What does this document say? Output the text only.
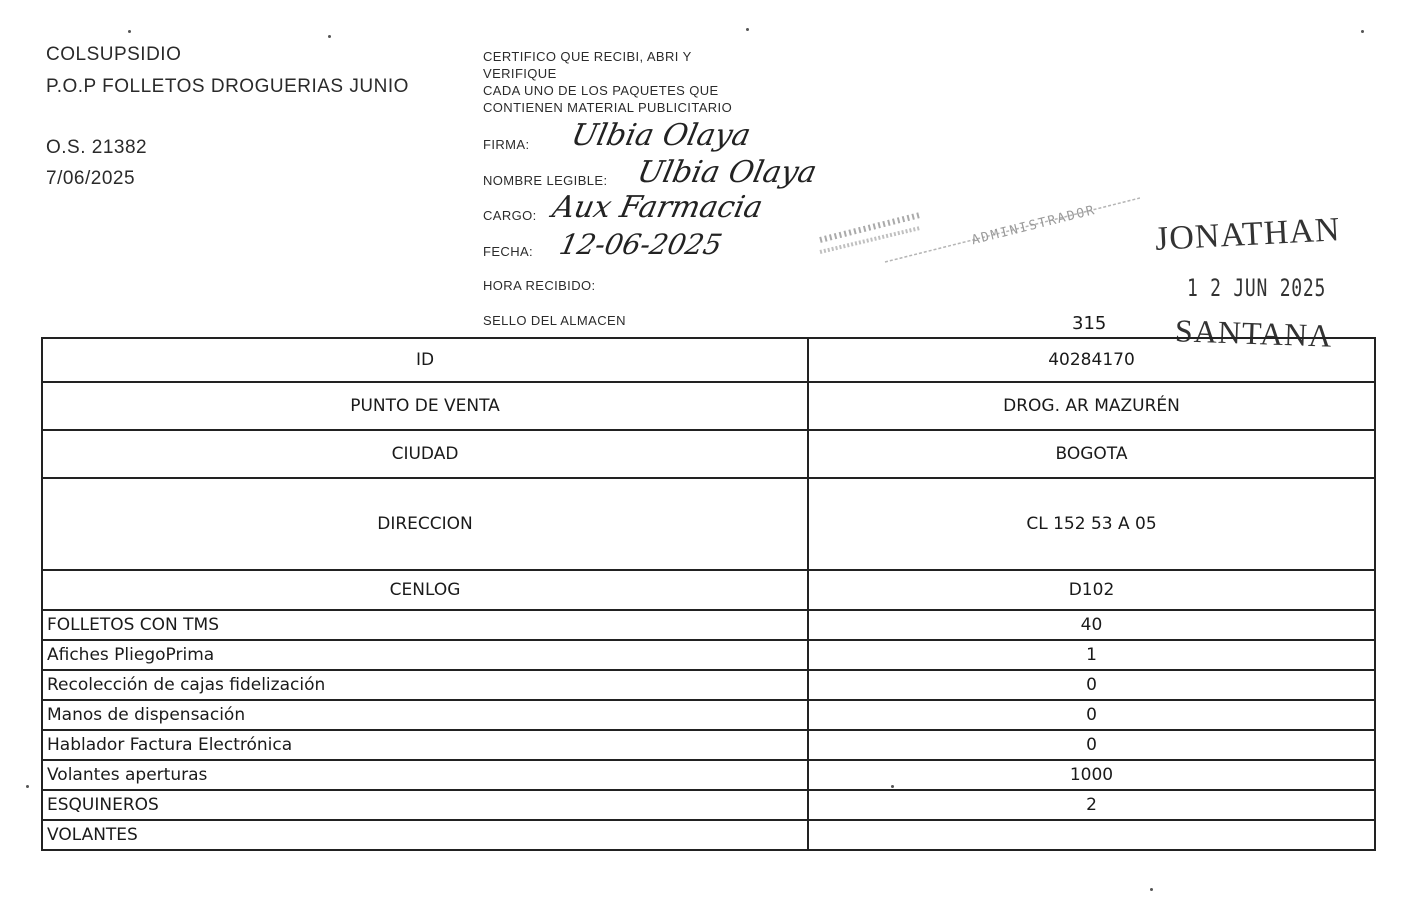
COLSUPSIDIO
P.O.P FOLLETOS DROGUERIAS JUNIO
O.S. 21382
7/06/2025
CERTIFICO QUE RECIBI, ABRI Y
VERIFIQUE
CADA UNO DE LOS PAQUETES QUE
CONTIENEN MATERIAL PUBLICITARIO
FIRMA: Ulbia Olaya
NOMBRE LEGIBLE: Ulbia Olaya
CARGO: Aux Farmacia
FECHA: 12-06-2025
HORA RECIBIDO:
SELLO DEL ALMACEN
ADMINISTRADOR JONATHAN
1 2 JUN 2025
SANTANA
315
ID	40284170
PUNTO DE VENTA	DROG. AR MAZURÉN
CIUDAD	BOGOTA
DIRECCION	CL 152 53 A 05
CENLOG	D102
FOLLETOS CON TMS	40
Afiches PliegoPrima	1
Recolección de cajas fidelización	0
Manos de dispensación	0
Hablador Factura Electrónica	0
Volantes aperturas	1000
ESQUINEROS	2
VOLANTES	
